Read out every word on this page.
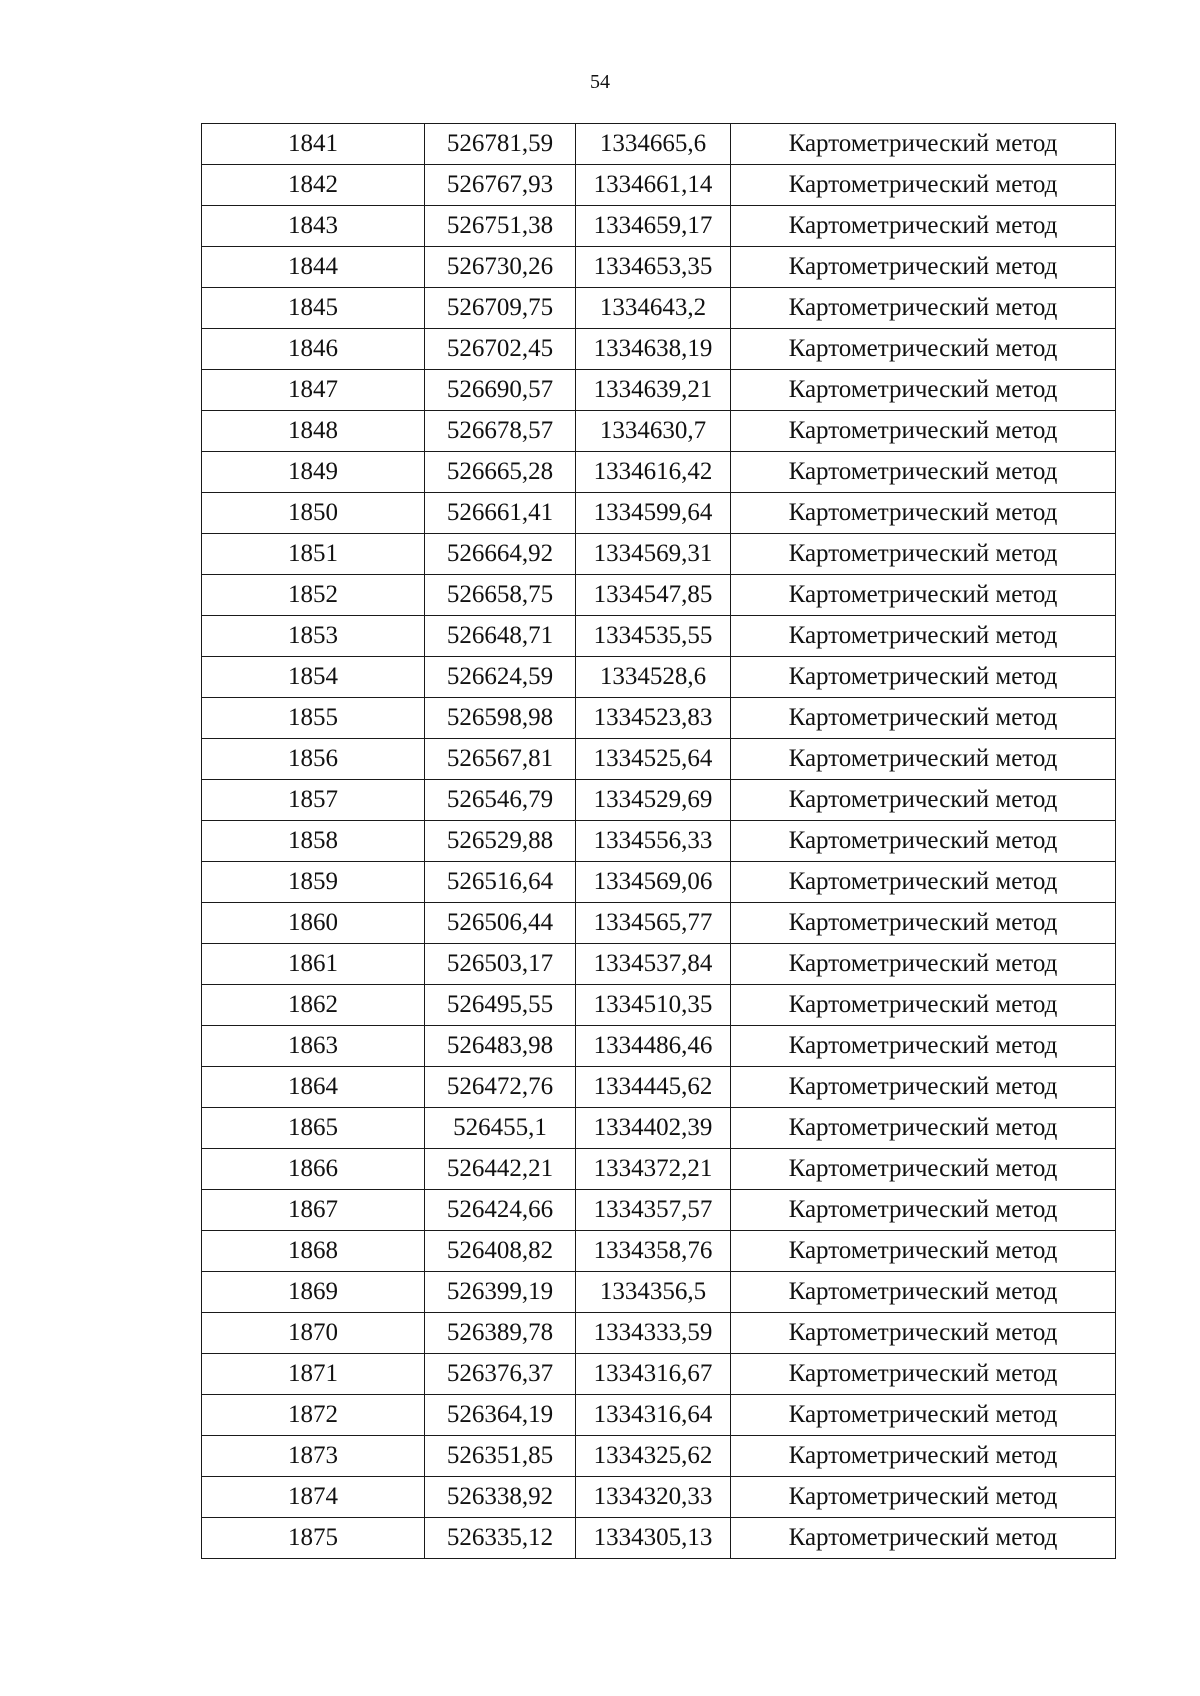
54
1841	526781,59	1334665,6	Картометрический метод
1842	526767,93	1334661,14	Картометрический метод
1843	526751,38	1334659,17	Картометрический метод
1844	526730,26	1334653,35	Картометрический метод
1845	526709,75	1334643,2	Картометрический метод
1846	526702,45	1334638,19	Картометрический метод
1847	526690,57	1334639,21	Картометрический метод
1848	526678,57	1334630,7	Картометрический метод
1849	526665,28	1334616,42	Картометрический метод
1850	526661,41	1334599,64	Картометрический метод
1851	526664,92	1334569,31	Картометрический метод
1852	526658,75	1334547,85	Картометрический метод
1853	526648,71	1334535,55	Картометрический метод
1854	526624,59	1334528,6	Картометрический метод
1855	526598,98	1334523,83	Картометрический метод
1856	526567,81	1334525,64	Картометрический метод
1857	526546,79	1334529,69	Картометрический метод
1858	526529,88	1334556,33	Картометрический метод
1859	526516,64	1334569,06	Картометрический метод
1860	526506,44	1334565,77	Картометрический метод
1861	526503,17	1334537,84	Картометрический метод
1862	526495,55	1334510,35	Картометрический метод
1863	526483,98	1334486,46	Картометрический метод
1864	526472,76	1334445,62	Картометрический метод
1865	526455,1	1334402,39	Картометрический метод
1866	526442,21	1334372,21	Картометрический метод
1867	526424,66	1334357,57	Картометрический метод
1868	526408,82	1334358,76	Картометрический метод
1869	526399,19	1334356,5	Картометрический метод
1870	526389,78	1334333,59	Картометрический метод
1871	526376,37	1334316,67	Картометрический метод
1872	526364,19	1334316,64	Картометрический метод
1873	526351,85	1334325,62	Картометрический метод
1874	526338,92	1334320,33	Картометрический метод
1875	526335,12	1334305,13	Картометрический метод
